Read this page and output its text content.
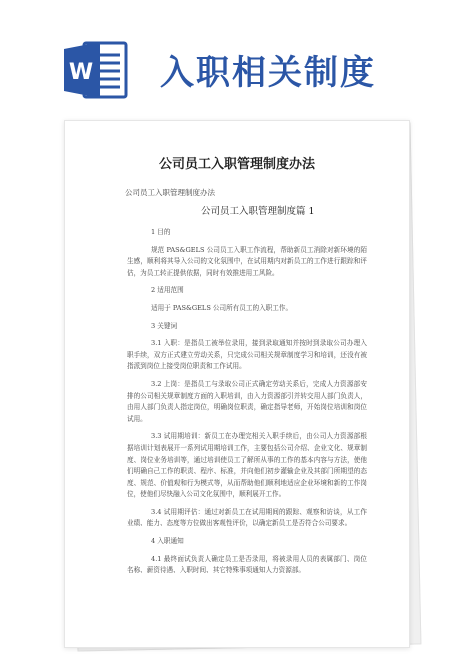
W 入职相关制度
公司员工入职管理制度办法
公司员工入职管理制度办法
公司员工入职管理制度篇 1
1 目的
规范 PAS&GELS 公司员工入职工作流程，帮助新员工消除对新环境的陌生感，顺利将其导入公司的文化氛围中，在试用期内对新员工的工作进行跟踪和评估，为员工转正提供依据，同时有效推进用工风险。
2 适用范围
适用于 PAS&GELS 公司所有员工的入职工作。
3 关键词
3.1 入职：是指员工被举位录用，接到录取通知并按时到录取公司办理入职手续，双方正式建立劳动关系，只完成公司相关规章制度学习和培训，还没有被指派到岗位上接受岗位职责和工作试用。
3.2 上岗：是指员工与录取公司正式确定劳动关系后，完成人力资源部安排的公司相关规章制度方面的入职培训，由入力资源部引并转交用人部门负责人，由用人部门负责人指定岗位，明确岗位职责，确定指导老师，开始岗位培训和岗位试用。
3.3 试用期培训：新员工在办理完相关入职手续后，由公司人力资源部根据培训计划表展开一系列试用期培训工作，主要包括公司介绍、企业文化、规章制度、岗位业务培训等，通过培训使员工了解所从事的工作的基本内容与方法，使他们明确自己工作的职责、程序、标准，并向他们初步灌输企业及其部门所期望的态度、规范、价值观和行为模式等，从而帮助他们顺利地适应企业环境和新的工作岗位，使他们尽快融入公司文化氛围中，顺利展开工作。
3.4 试用期评估：通过对新员工在试用期间的跟踪、观察和访谈，从工作业绩、能力、态度等方位做出客观性评价，以确定新员工是否符合公司要求。
4 入职通知
4.1 最终面试负责人确定员工是否录用，将被录用人员的表属部门、岗位名称、薪资待遇、入职时间、其它特殊事项通知人力资源部。
